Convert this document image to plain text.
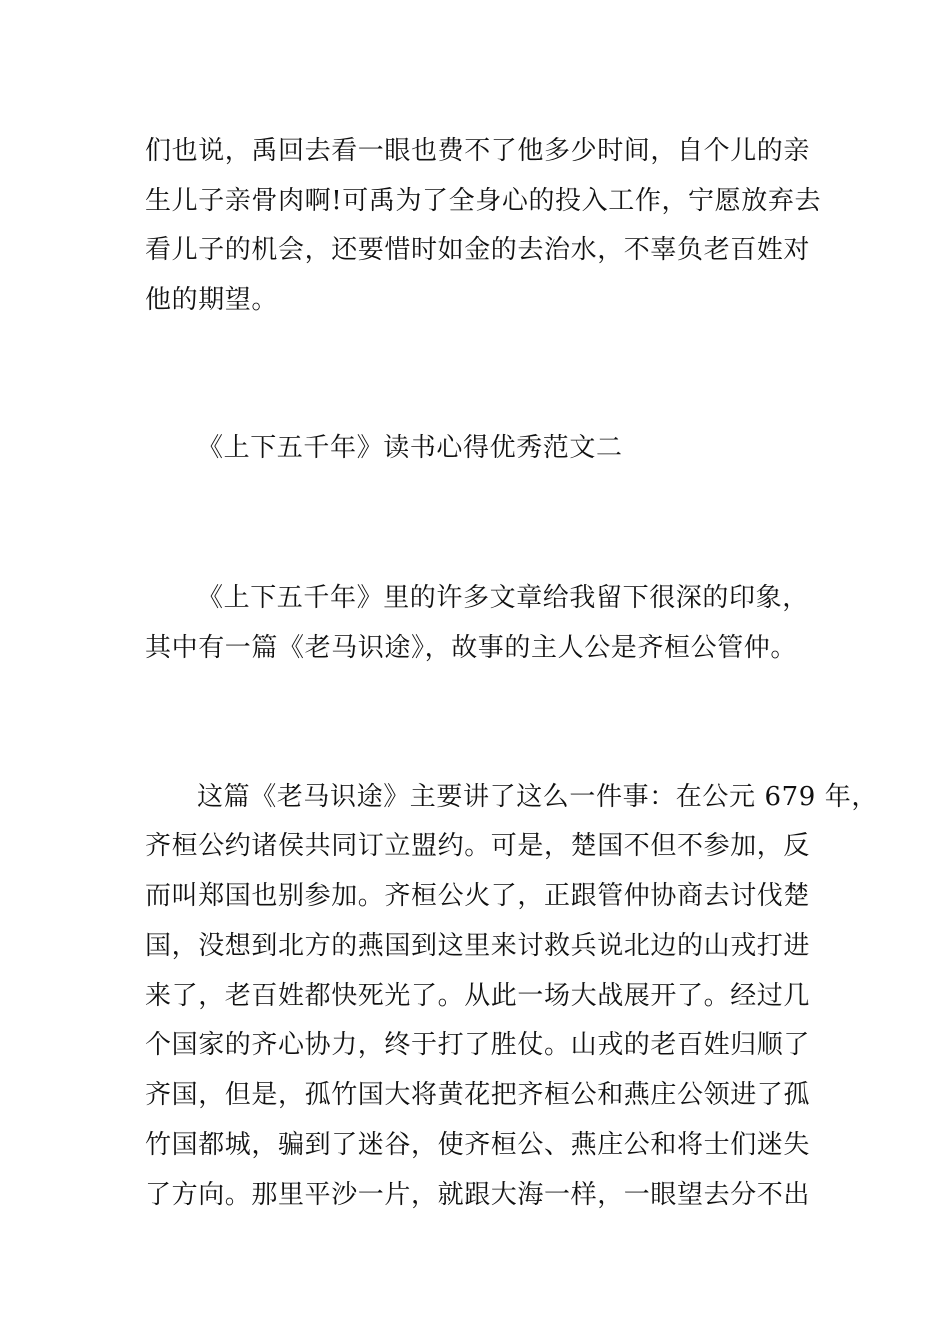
们也说，禹回去看一眼也费不了他多少时间，自个儿的亲
生儿子亲骨肉啊!可禹为了全身心的投入工作，宁愿放弃去
看儿子的机会，还要惜时如金的去治水，不辜负老百姓对
他的期望。
《上下五千年》读书心得优秀范文二
《上下五千年》里的许多文章给我留下很深的印象，
其中有一篇《老马识途》，故事的主人公是齐桓公管仲。
这篇《老马识途》主要讲了这么一件事：在公元 679 年，
齐桓公约诸侯共同订立盟约。可是，楚国不但不参加，反
而叫郑国也别参加。齐桓公火了，正跟管仲协商去讨伐楚
国，没想到北方的燕国到这里来讨救兵说北边的山戎打进
来了，老百姓都快死光了。从此一场大战展开了。经过几
个国家的齐心协力，终于打了胜仗。山戎的老百姓归顺了
齐国，但是，孤竹国大将黄花把齐桓公和燕庄公领进了孤
竹国都城，骗到了迷谷，使齐桓公、燕庄公和将士们迷失
了方向。那里平沙一片，就跟大海一样，一眼望去分不出
